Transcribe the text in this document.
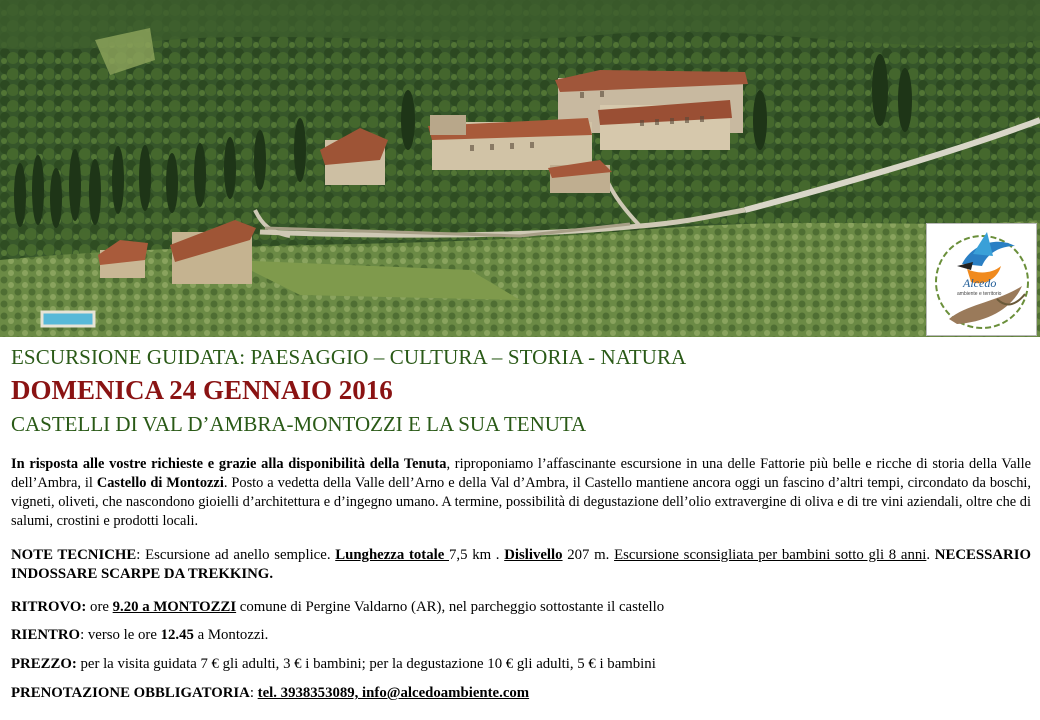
Alcedo
ambiente e territorio
ESCURSIONE GUIDATA: PAESAGGIO – CULTURA – STORIA - NATURA
DOMENICA 24 GENNAIO 2016
CASTELLI DI VAL D’AMBRA-MONTOZZI E LA SUA TENUTA
In risposta alle vostre richieste e grazie alla disponibilità della Tenuta, riproponiamo l’affascinante escursione in una delle Fattorie più belle e ricche di storia della Valle dell’Ambra, il Castello di Montozzi. Posto a vedetta della Valle dell’Arno e della Val d’Ambra, il Castello mantiene ancora oggi un fascino d’altri tempi, circondato da boschi, vigneti, oliveti, che nascondono gioielli d’architettura e d’ingegno umano. A termine, possibilità di degustazione dell’olio extravergine di oliva e di tre vini aziendali, oltre che di salumi, crostini e prodotti locali.
NOTE TECNICHE: Escursione ad anello semplice. Lunghezza totale 7,5 km . Dislivello 207 m. Escursione sconsigliata per bambini sotto gli 8 anni. NECESSARIO INDOSSARE SCARPE DA TREKKING.
RITROVO: ore 9.20 a MONTOZZI comune di Pergine Valdarno (AR), nel parcheggio sottostante il castello
RIENTRO: verso le ore 12.45 a Montozzi.
PREZZO: per la visita guidata 7 € gli adulti, 3 € i bambini; per la degustazione 10 € gli adulti, 5 € i bambini
PRENOTAZIONE OBBLIGATORIA: tel. 3938353089, info@alcedoambiente.com
